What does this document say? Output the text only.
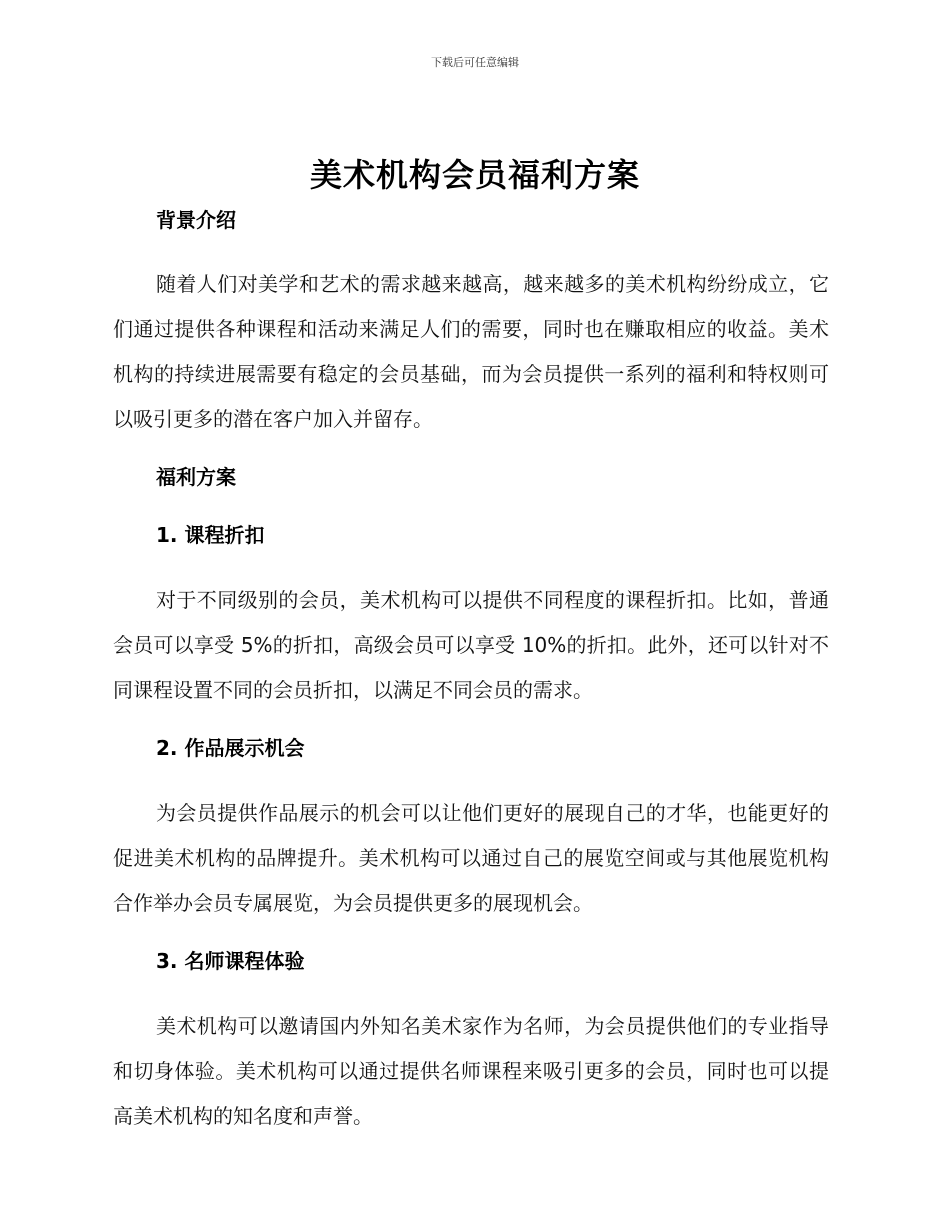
下载后可任意编辑
美术机构会员福利方案
背景介绍

随着人们对美学和艺术的需求越来越高，越来越多的美术机构纷纷成立，它们通过提供各种课程和活动来满足人们的需要，同时也在赚取相应的收益。美术机构的持续进展需要有稳定的会员基础，而为会员提供一系列的福利和特权则可以吸引更多的潜在客户加入并留存。

福利方案
1. 课程折扣

对于不同级别的会员，美术机构可以提供不同程度的课程折扣。比如，普通会员可以享受 5%的折扣，高级会员可以享受 10%的折扣。此外，还可以针对不同课程设置不同的会员折扣，以满足不同会员的需求。

2. 作品展示机会

为会员提供作品展示的机会可以让他们更好的展现自己的才华，也能更好的促进美术机构的品牌提升。美术机构可以通过自己的展览空间或与其他展览机构合作举办会员专属展览，为会员提供更多的展现机会。

3. 名师课程体验

美术机构可以邀请国内外知名美术家作为名师，为会员提供他们的专业指导和切身体验。美术机构可以通过提供名师课程来吸引更多的会员，同时也可以提高美术机构的知名度和声誉。
